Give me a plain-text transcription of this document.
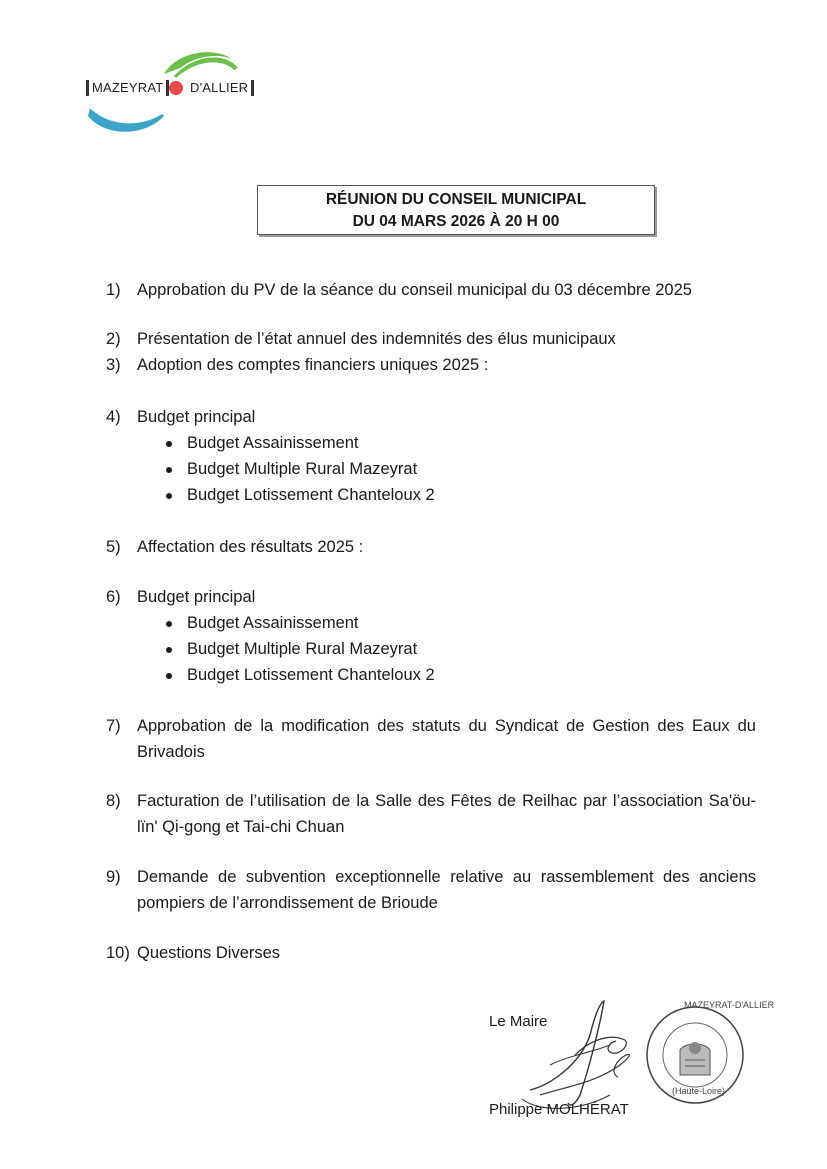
MAZEYRAT	D'ALLIER
RÉUNION DU CONSEIL MUNICIPAL
DU 04 MARS 2026 À 20 H 00
1) Approbation du PV de la séance du conseil municipal du 03 décembre 2025
2) Présentation de l’état annuel des indemnités des élus municipaux
3) Adoption des comptes financiers uniques 2025 :
4) Budget principal
Budget Assainissement
Budget Multiple Rural Mazeyrat
Budget Lotissement Chanteloux 2
5) Affectation des résultats 2025 :
6) Budget principal
Budget Assainissement
Budget Multiple Rural Mazeyrat
Budget Lotissement Chanteloux 2
7) Approbation de la modification des statuts du Syndicat de Gestion des Eaux du Brivadois
8) Facturation de l’utilisation de la Salle des Fêtes de Reilhac par l’association Sa'öu-lïn' Qi-gong et Tai-chi Chuan
9) Demande de subvention exceptionnelle relative au rassemblement des anciens pompiers de l’arrondissement de Brioude
10) Questions Diverses
Le Maire
MAZEYRAT-D'ALLIER
(Haute-Loire)
Philippe MOLHÉRAT
